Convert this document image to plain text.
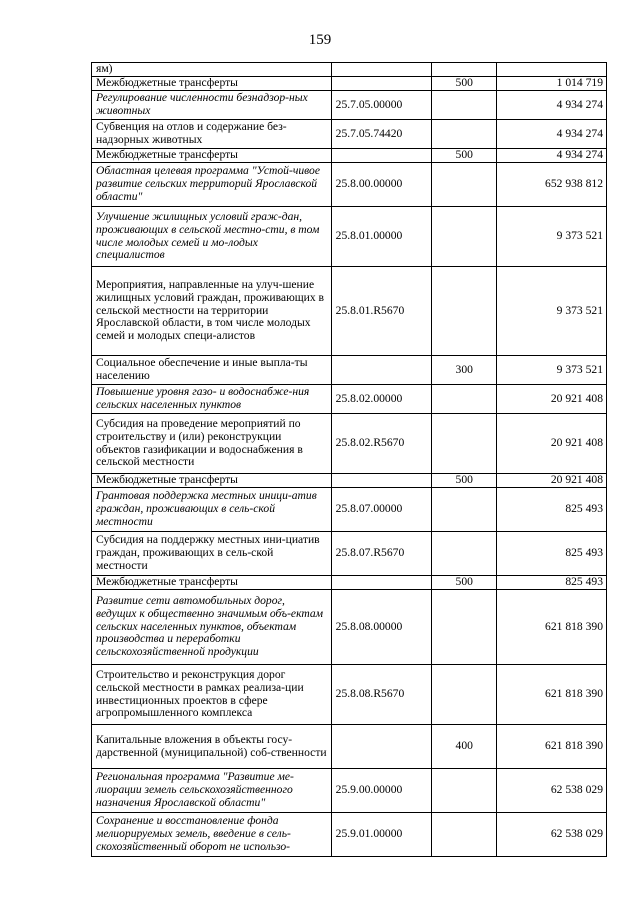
159
ям)			
Межбюджетные трансферты		500	1 014 719
Регулирование численности безнадзор-ных животных	25.7.05.00000		4 934 274
Субвенция на отлов и содержание без-надзорных животных	25.7.05.74420		4 934 274
Межбюджетные трансферты		500	4 934 274
Областная целевая программа "Устой-чивое развитие сельских территорий Ярославской области"	25.8.00.00000		652 938 812
Улучшение жилищных условий граж-дан, проживающих в сельской местно-сти, в том числе молодых семей и мо-лодых специалистов	25.8.01.00000		9 373 521
Мероприятия, направленные на улуч-шение жилищных условий граждан, проживающих в сельской местности на территории Ярославской области, в том числе молодых семей и молодых специ-алистов	25.8.01.R5670		9 373 521
Социальное обеспечение и иные выпла-ты населению		300	9 373 521
Повышение уровня газо- и водоснабже-ния сельских населенных пунктов	25.8.02.00000		20 921 408
Субсидия на проведение мероприятий по строительству и (или) реконструкции объектов газификации и водоснабжения в сельской местности	25.8.02.R5670		20 921 408
Межбюджетные трансферты		500	20 921 408
Грантовая поддержка местных иници-атив граждан, проживающих в сель-ской местности	25.8.07.00000		825 493
Субсидия на поддержку местных ини-циатив граждан, проживающих в сель-ской местности	25.8.07.R5670		825 493
Межбюджетные трансферты		500	825 493
Развитие сети автомобильных дорог, ведущих к общественно значимым объ-ектам сельских населенных пунктов, объектам производства и переработки сельскохозяйственной продукции	25.8.08.00000		621 818 390
Строительство и реконструкция дорог сельской местности в рамках реализа-ции инвестиционных проектов в сфере агропромышленного комплекса	25.8.08.R5670		621 818 390
Капитальные вложения в объекты госу-дарственной (муниципальной) соб-ственности		400	621 818 390
Региональная программа "Развитие ме-лиорации земель сельскохозяйственного назначения Ярославской области"	25.9.00.00000		62 538 029
Сохранение и восстановление фонда мелиорируемых земель, введение в сель-скохозяйственный оборот не использо-	25.9.01.00000		62 538 029
